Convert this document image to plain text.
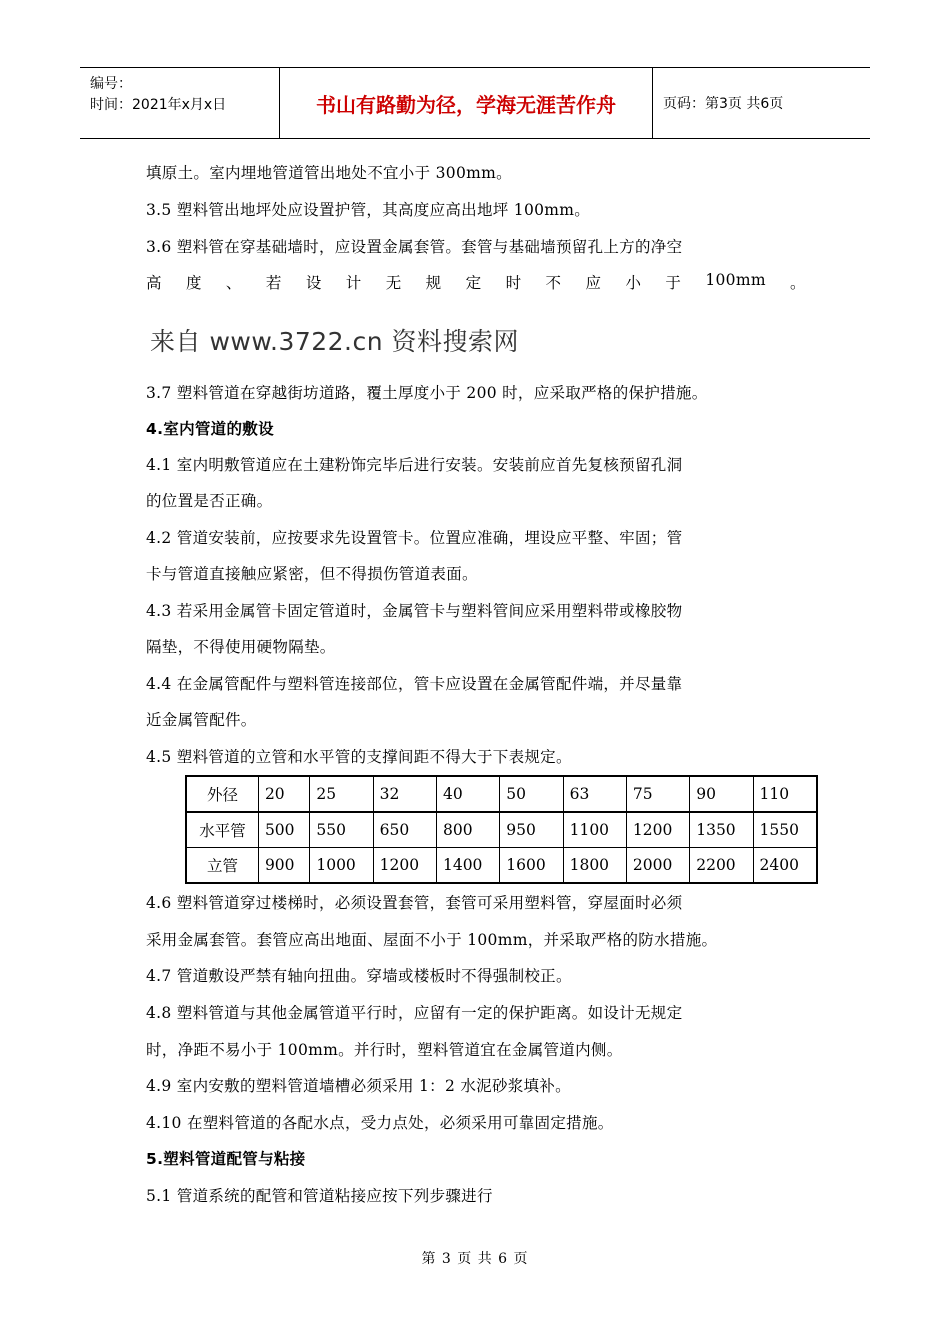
编号：
时间：2021年x月x日	书山有路勤为径，学海无涯苦作舟	页码：第3页 共6页
填原土。室内埋地管道管出地处不宜小于 300mm。
3.5 塑料管出地坪处应设置护管，其高度应高出地坪 100mm。
3.6 塑料管在穿基础墙时，应设置金属套管。套管与基础墙预留孔上方的净空
高 度 、 若 设 计 无 规 定 时 不 应 小 于 100mm 。
来自 www.3722.cn 资料搜索网
3.7 塑料管道在穿越街坊道路，覆土厚度小于 200 时，应采取严格的保护措施。
4.室内管道的敷设
4.1 室内明敷管道应在土建粉饰完毕后进行安装。安装前应首先复核预留孔洞
的位置是否正确。
4.2 管道安装前，应按要求先设置管卡。位置应准确，埋设应平整、牢固；管
卡与管道直接触应紧密，但不得损伤管道表面。
4.3 若采用金属管卡固定管道时，金属管卡与塑料管间应采用塑料带或橡胶物
隔垫，不得使用硬物隔垫。
4.4 在金属管配件与塑料管连接部位，管卡应设置在金属管配件端，并尽量靠
近金属管配件。
4.5 塑料管道的立管和水平管的支撑间距不得大于下表规定。
外径	20	25	32	40	50	63	75	90	110
水平管	500	550	650	800	950	1100	1200	1350	1550
立管	900	1000	1200	1400	1600	1800	2000	2200	2400
4.6 塑料管道穿过楼梯时，必须设置套管，套管可采用塑料管，穿屋面时必须
采用金属套管。套管应高出地面、屋面不小于 100mm，并采取严格的防水措施。
4.7 管道敷设严禁有轴向扭曲。穿墙或楼板时不得强制校正。
4.8 塑料管道与其他金属管道平行时，应留有一定的保护距离。如设计无规定
时，净距不易小于 100mm。并行时，塑料管道宜在金属管道内侧。
4.9 室内安敷的塑料管道墙槽必须采用 1：2 水泥砂浆填补。
4.10 在塑料管道的各配水点，受力点处，必须采用可靠固定措施。
5.塑料管道配管与粘接
5.1 管道系统的配管和管道粘接应按下列步骤进行
第 3 页 共 6 页
